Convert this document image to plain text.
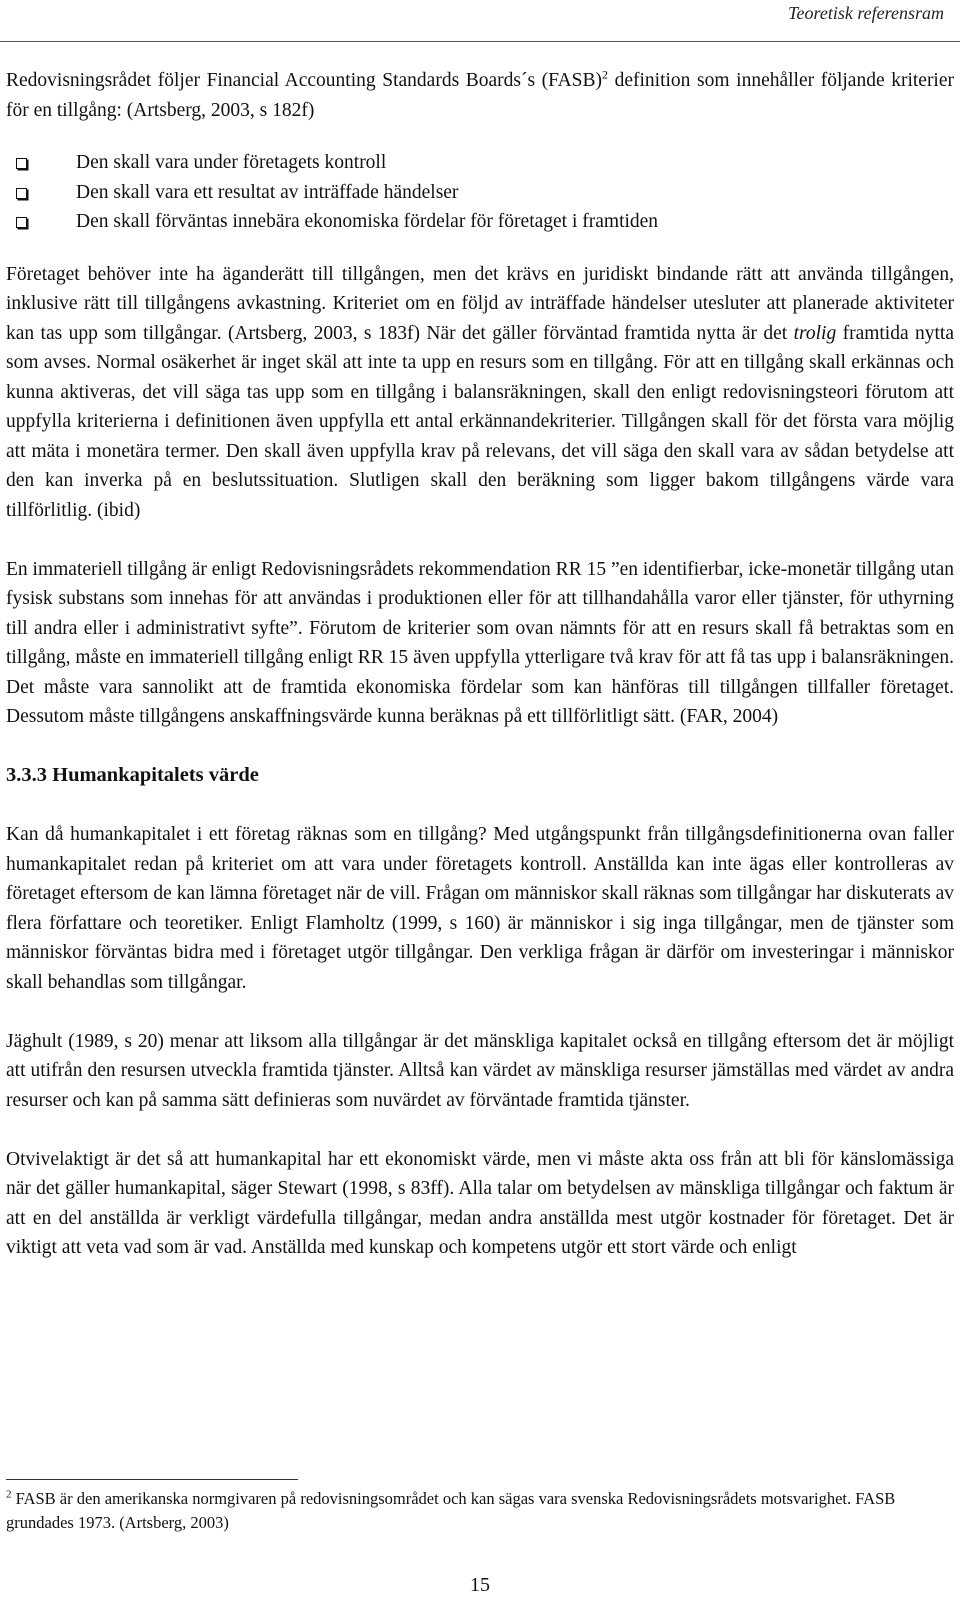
Teoretisk referensram

Redovisningsrådet följer Financial Accounting Standards Boards´s (FASB)$^2$ definition som innehåller följande kriterier för en tillgång: (Artsberg, 2003, s 182f)

Den skall vara under företagets kontroll
Den skall vara ett resultat av inträffade händelser
Den skall förväntas innebära ekonomiska fördelar för företaget i framtiden

Företaget behöver inte ha äganderätt till tillgången, men det krävs en juridiskt bindande rätt att använda tillgången, inklusive rätt till tillgångens avkastning. Kriteriet om en följd av inträffade händelser utesluter att planerade aktiviteter kan tas upp som tillgångar. (Artsberg, 2003, s 183f) När det gäller förväntad framtida nytta är det trolig framtida nytta som avses. Normal osäkerhet är inget skäl att inte ta upp en resurs som en tillgång. För att en tillgång skall erkännas och kunna aktiveras, det vill säga tas upp som en tillgång i balansräkningen, skall den enligt redovisningsteori förutom att uppfylla kriterierna i definitionen även uppfylla ett antal erkännandekriterier. Tillgången skall för det första vara möjlig att mäta i monetära termer. Den skall även uppfylla krav på relevans, det vill säga den skall vara av sådan betydelse att den kan inverka på en beslutssituation. Slutligen skall den beräkning som ligger bakom tillgångens värde vara tillförlitlig. (ibid)

En immateriell tillgång är enligt Redovisningsrådets rekommendation RR 15 ”en identifierbar, icke-monetär tillgång utan fysisk substans som innehas för att användas i produktionen eller för att tillhandahålla varor eller tjänster, för uthyrning till andra eller i administrativt syfte”. Förutom de kriterier som ovan nämnts för att en resurs skall få betraktas som en tillgång, måste en immateriell tillgång enligt RR 15 även uppfylla ytterligare två krav för att få tas upp i balansräkningen. Det måste vara sannolikt att de framtida ekonomiska fördelar som kan hänföras till tillgången tillfaller företaget. Dessutom måste tillgångens anskaffningsvärde kunna beräknas på ett tillförlitligt sätt. (FAR, 2004)

3.3.3 Humankapitalets värde

Kan då humankapitalet i ett företag räknas som en tillgång? Med utgångspunkt från tillgångsdefinitionerna ovan faller humankapitalet redan på kriteriet om att vara under företagets kontroll. Anställda kan inte ägas eller kontrolleras av företaget eftersom de kan lämna företaget när de vill. Frågan om människor skall räknas som tillgångar har diskuterats av flera författare och teoretiker. Enligt Flamholtz (1999, s 160) är människor i sig inga tillgångar, men de tjänster som människor förväntas bidra med i företaget utgör tillgångar. Den verkliga frågan är därför om investeringar i människor skall behandlas som tillgångar.

Jäghult (1989, s 20) menar att liksom alla tillgångar är det mänskliga kapitalet också en tillgång eftersom det är möjligt att utifrån den resursen utveckla framtida tjänster. Alltså kan värdet av mänskliga resurser jämställas med värdet av andra resurser och kan på samma sätt definieras som nuvärdet av förväntade framtida tjänster.

Otvivelaktigt är det så att humankapital har ett ekonomiskt värde, men vi måste akta oss från att bli för känslomässiga när det gäller humankapital, säger Stewart (1998, s 83ff). Alla talar om betydelsen av mänskliga tillgångar och faktum är att en del anställda är verkligt värdefulla tillgångar, medan andra anställda mest utgör kostnader för företaget. Det är viktigt att veta vad som är vad. Anställda med kunskap och kompetens utgör ett stort värde och enligt

$^2$ FASB är den amerikanska normgivaren på redovisningsområdet och kan sägas vara svenska Redovisningsrådets motsvarighet. FASB grundades 1973. (Artsberg, 2003)
15
